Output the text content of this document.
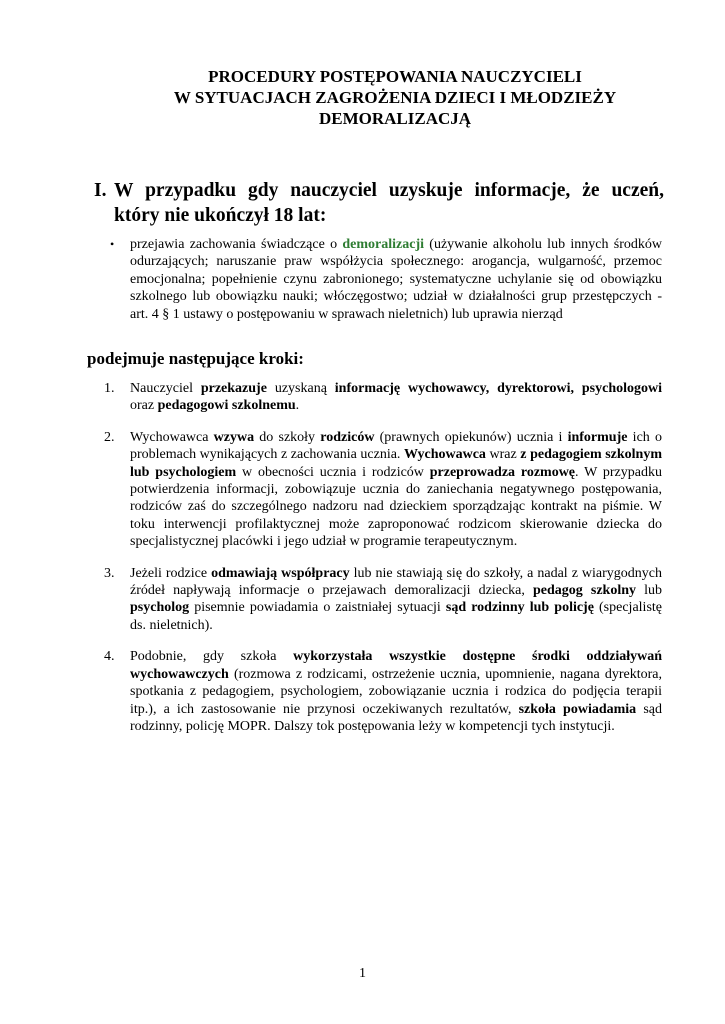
PROCEDURY POSTĘPOWANIA NAUCZYCIELI
W SYTUACJACH ZAGROŻENIA DZIECI I MŁODZIEŻY
DEMORALIZACJĄ
I. W przypadku gdy nauczyciel uzyskuje informacje, że uczeń, który nie ukończył 18 lat:
• przejawia zachowania świadczące o demoralizacji (używanie alkoholu lub innych środków odurzających; naruszanie praw współżycia społecznego: arogancja, wulgarność, przemoc emocjonalna; popełnienie czynu zabronionego; systematyczne uchylanie się od obowiązku szkolnego lub obowiązku nauki; włóczęgostwo; udział w działalności grup przestępczych - art. 4 § 1 ustawy o postępowaniu w sprawach nieletnich) lub uprawia nierząd
podejmuje następujące kroki:
1.	Nauczyciel przekazuje uzyskaną informację wychowawcy, dyrektorowi, psychologowi oraz pedagogowi szkolnemu.
2.	Wychowawca wzywa do szkoły rodziców (prawnych opiekunów) ucznia i informuje ich o problemach wynikających z zachowania ucznia. Wychowawca wraz z pedagogiem szkolnym lub psychologiem w obecności ucznia i rodziców przeprowadza rozmowę. W przypadku potwierdzenia informacji, zobowiązuje ucznia do zaniechania negatywnego postępowania, rodziców zaś do szczególnego nadzoru nad dzieckiem sporządzając kontrakt na piśmie. W toku interwencji profilaktycznej może zaproponować rodzicom skierowanie dziecka do specjalistycznej placówki i jego udział w programie terapeutycznym.
3.	Jeżeli rodzice odmawiają współpracy lub nie stawiają się do szkoły, a nadal z wiarygodnych źródeł napływają informacje o przejawach demoralizacji dziecka, pedagog szkolny lub psycholog pisemnie powiadamia o zaistniałej sytuacji sąd rodzinny lub policję (specjalistę ds. nieletnich).
4.	Podobnie, gdy szkoła wykorzystała wszystkie dostępne środki oddziaływań wychowawczych (rozmowa z rodzicami, ostrzeżenie ucznia, upomnienie, nagana dyrektora, spotkania z pedagogiem, psychologiem, zobowiązanie ucznia i rodzica do podjęcia terapii itp.), a ich zastosowanie nie przynosi oczekiwanych rezultatów, szkoła powiadamia sąd rodzinny, policję MOPR. Dalszy tok postępowania leży w kompetencji tych instytucji.
1
